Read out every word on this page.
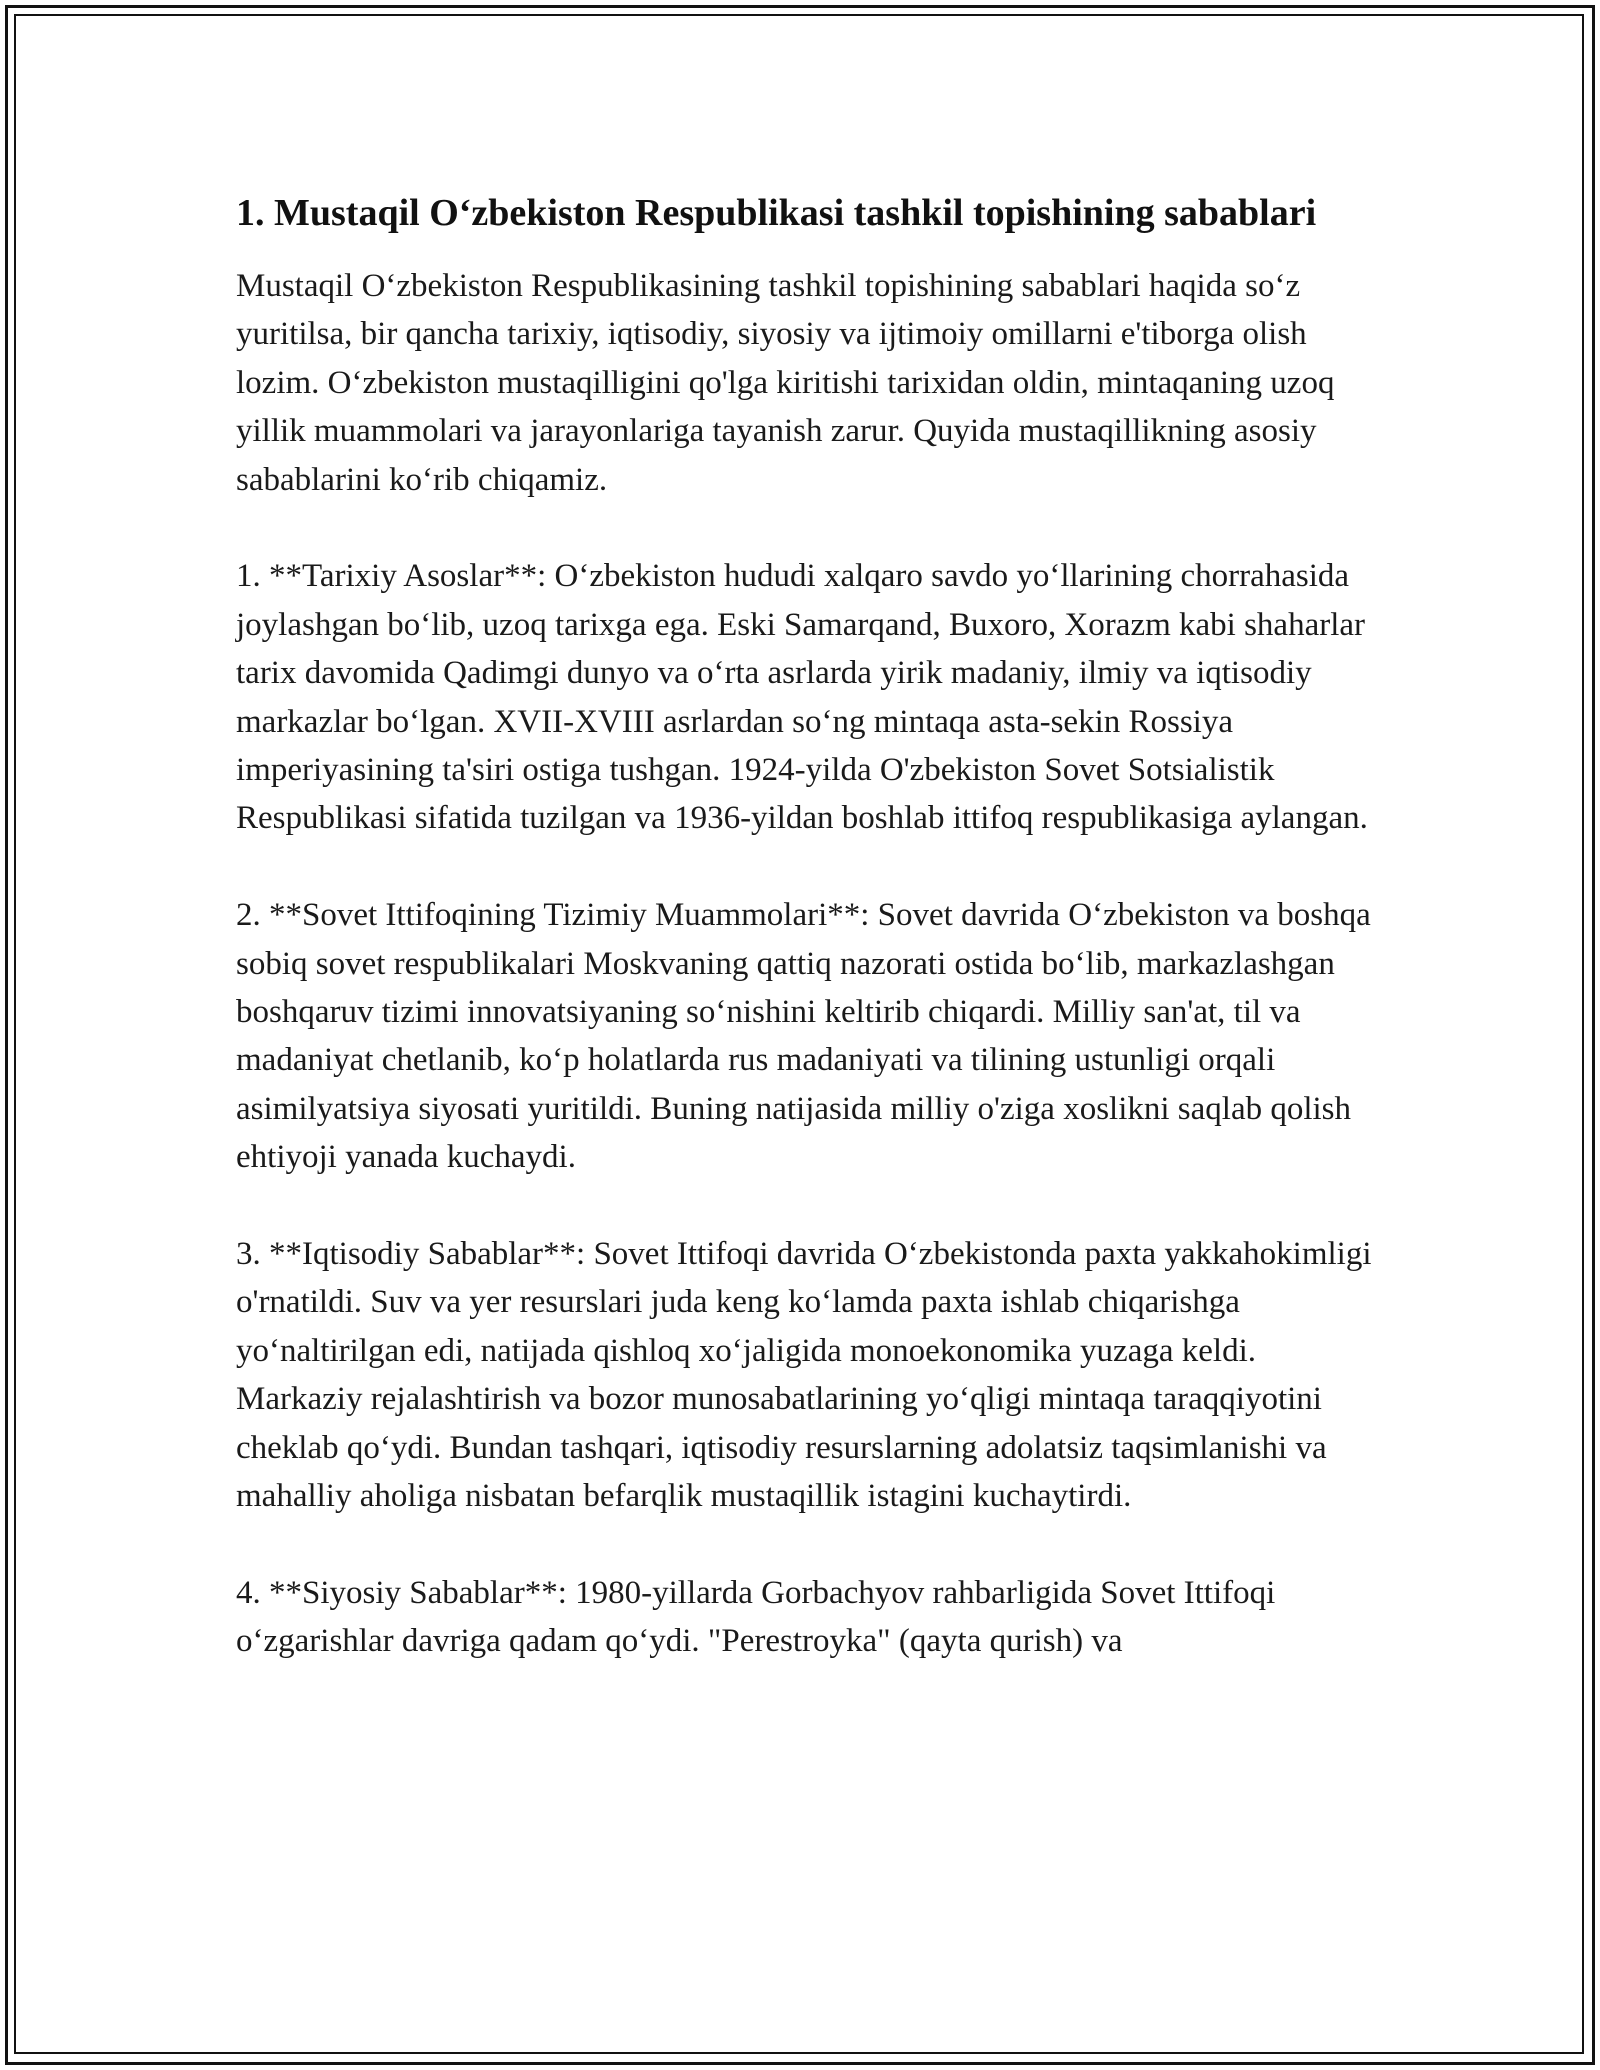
1. Mustaqil O‘zbekiston Respublikasi tashkil topishining sabablari

Mustaqil O‘zbekiston Respublikasining tashkil topishining sabablari haqida so‘z yuritilsa, bir qancha tarixiy, iqtisodiy, siyosiy va ijtimoiy omillarni e'tiborga olish lozim. O‘zbekiston mustaqilligini qo'lga kiritishi tarixidan oldin, mintaqaning uzoq yillik muammolari va jarayonlariga tayanish zarur. Quyida mustaqillikning asosiy sabablarini ko‘rib chiqamiz.

1. **Tarixiy Asoslar**: O‘zbekiston hududi xalqaro savdo yo‘llarining chorrahasida joylashgan bo‘lib, uzoq tarixga ega. Eski Samarqand, Buxoro, Xorazm kabi shaharlar tarix davomida Qadimgi dunyo va o‘rta asrlarda yirik madaniy, ilmiy va iqtisodiy markazlar bo‘lgan. XVII-XVIII asrlardan so‘ng mintaqa asta-sekin Rossiya imperiyasining ta'siri ostiga tushgan. 1924-yilda O'zbekiston Sovet Sotsialistik Respublikasi sifatida tuzilgan va 1936-yildan boshlab ittifoq respublikasiga aylangan.

2. **Sovet Ittifoqining Tizimiy Muammolari**: Sovet davrida O‘zbekiston va boshqa sobiq sovet respublikalari Moskvaning qattiq nazorati ostida bo‘lib, markazlashgan boshqaruv tizimi innovatsiyaning so‘nishini keltirib chiqardi. Milliy san'at, til va madaniyat chetlanib, ko‘p holatlarda rus madaniyati va tilining ustunligi orqali asimilyatsiya siyosati yuritildi. Buning natijasida milliy o'ziga xoslikni saqlab qolish ehtiyoji yanada kuchaydi.

3. **Iqtisodiy Sabablar**: Sovet Ittifoqi davrida O‘zbekistonda paxta yakkahokimligi o'rnatildi. Suv va yer resurslari juda keng ko‘lamda paxta ishlab chiqarishga yo‘naltirilgan edi, natijada qishloq xo‘jaligida monoekonomika yuzaga keldi. Markaziy rejalashtirish va bozor munosabatlarining yo‘qligi mintaqa taraqqiyotini cheklab qo‘ydi. Bundan tashqari, iqtisodiy resurslarning adolatsiz taqsimlanishi va mahalliy aholiga nisbatan befarqlik mustaqillik istagini kuchaytirdi.

4. **Siyosiy Sabablar**: 1980-yillarda Gorbachyov rahbarligida Sovet Ittifoqi o‘zgarishlar davriga qadam qo‘ydi. "Perestroyka" (qayta qurish) va
